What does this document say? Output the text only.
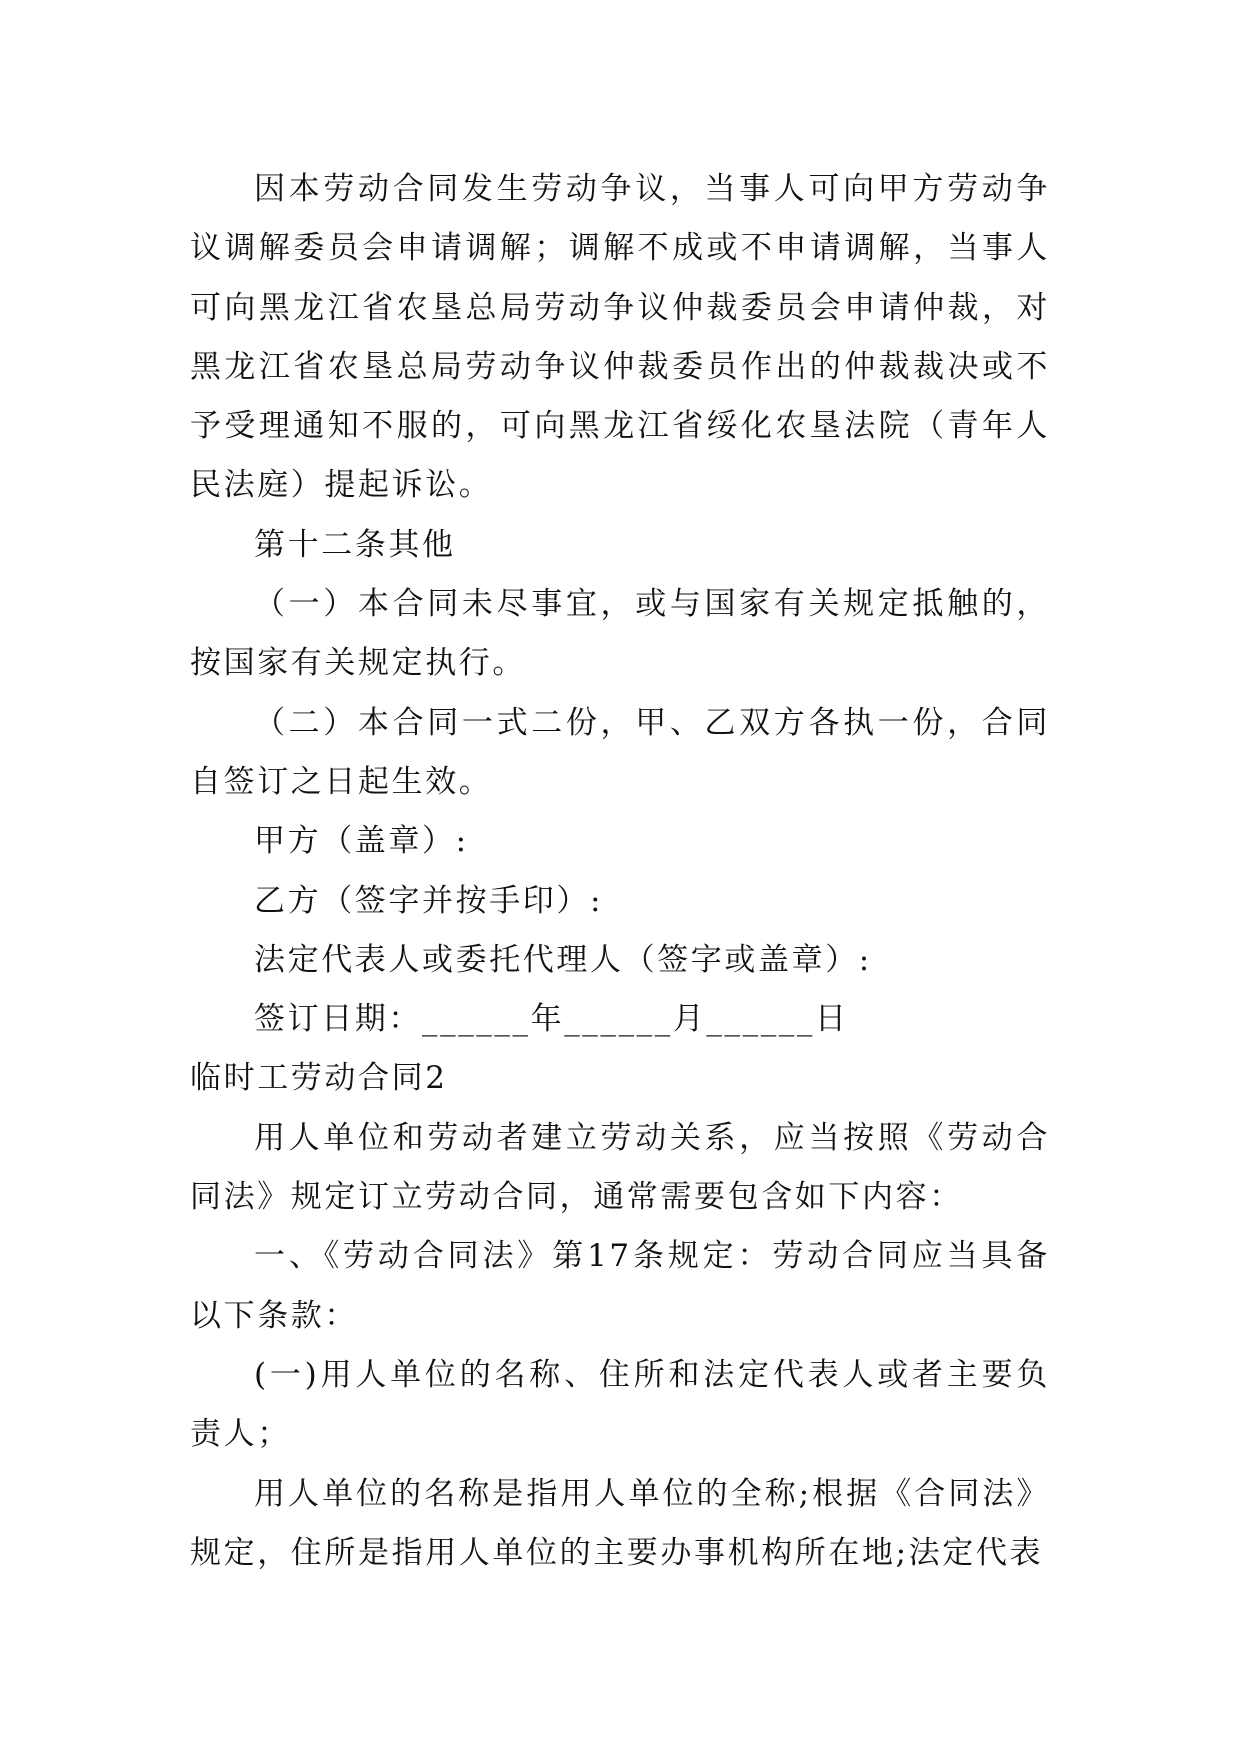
因本劳动合同发生劳动争议，当事人可向甲方劳动争议调解委员会申请调解；调解不成或不申请调解，当事人可向黑龙江省农垦总局劳动争议仲裁委员会申请仲裁，对黑龙江省农垦总局劳动争议仲裁委员作出的仲裁裁决或不予受理通知不服的，可向黑龙江省绥化农垦法院（青年人民法庭）提起诉讼。

第十二条其他

（一）本合同未尽事宜，或与国家有关规定抵触的，按国家有关规定执行。

（二）本合同一式二份，甲、乙双方各执一份，合同自签订之日起生效。

甲方（盖章）:

乙方（签字并按手印）:

法定代表人或委托代理人（签字或盖章）:

签订日期：______年______月______日

临时工劳动合同2

用人单位和劳动者建立劳动关系，应当按照《劳动合同法》规定订立劳动合同，通常需要包含如下内容：

一、《劳动合同法》第17条规定：劳动合同应当具备以下条款：

(一)用人单位的名称、住所和法定代表人或者主要负责人；

用人单位的名称是指用人单位的全称;根据《合同法》规定，住所是指用人单位的主要办事机构所在地;法定代表
